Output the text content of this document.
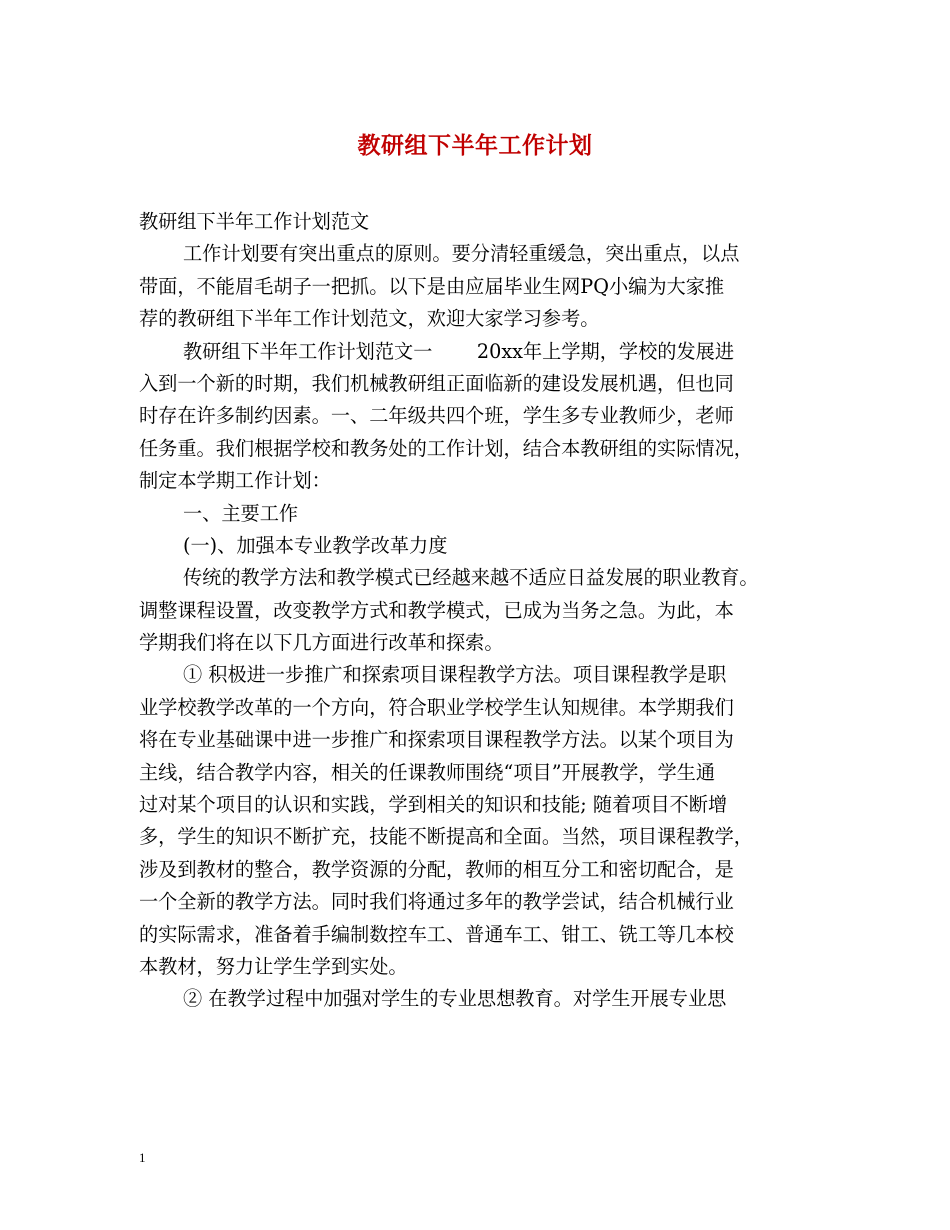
教研组下半年工作计划
教研组下半年工作计划范文
工作计划要有突出重点的原则。要分清轻重缓急，突出重点，以点
带面，不能眉毛胡子一把抓。以下是由应届毕业生网PQ小编为大家推
荐的教研组下半年工作计划范文，欢迎大家学习参考。
教研组下半年工作计划范文一　　 20xx年上学期，学校的发展进
入到一个新的时期，我们机械教研组正面临新的建设发展机遇，但也同
时存在许多制约因素。一、二年级共四个班，学生多专业教师少，老师
任务重。我们根据学校和教务处的工作计划，结合本教研组的实际情况，
制定本学期工作计划：
一、主要工作
(一)、加强本专业教学改革力度
传统的教学方法和教学模式已经越来越不适应日益发展的职业教育。
调整课程设置，改变教学方式和教学模式，已成为当务之急。为此，本
学期我们将在以下几方面进行改革和探索。
① 积极进一步推广和探索项目课程教学方法。项目课程教学是职
业学校教学改革的一个方向，符合职业学校学生认知规律。本学期我们
将在专业基础课中进一步推广和探索项目课程教学方法。以某个项目为
主线，结合教学内容，相关的任课教师围绕“项目”开展教学，学生通
过对某个项目的认识和实践，学到相关的知识和技能; 随着项目不断增
多，学生的知识不断扩充，技能不断提高和全面。当然，项目课程教学，
涉及到教材的整合，教学资源的分配，教师的相互分工和密切配合，是
一个全新的教学方法。同时我们将通过多年的教学尝试，结合机械行业
的实际需求，准备着手编制数控车工、普通车工、钳工、铣工等几本校
本教材，努力让学生学到实处。
② 在教学过程中加强对学生的专业思想教育。对学生开展专业思
1
